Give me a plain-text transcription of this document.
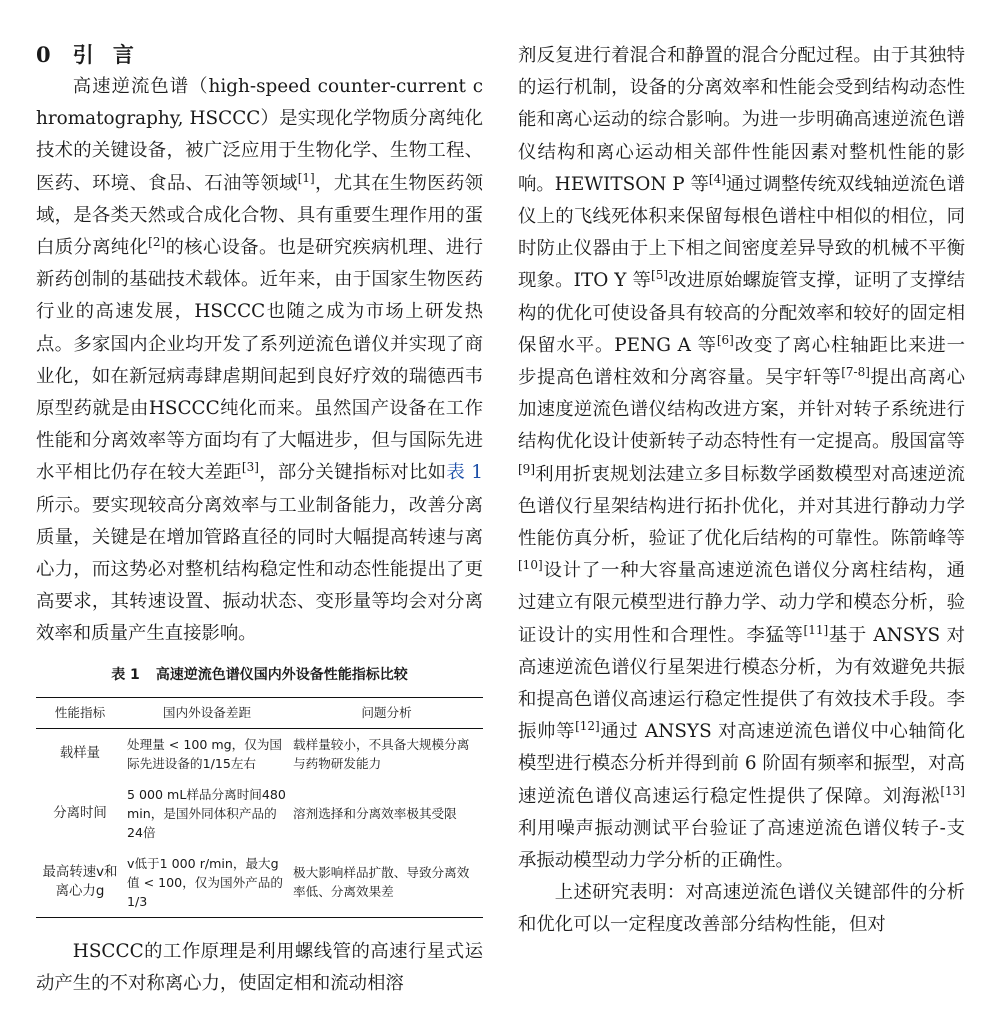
0 引 言

高速逆流色谱（high-speed counter-current chromatography, HSCCC）是实现化学物质分离纯化技术的关键设备，被广泛应用于生物化学、生物工程、医药、环境、食品、石油等领域[1]，尤其在生物医药领域，是各类天然或合成化合物、具有重要生理作用的蛋白质分离纯化[2]的核心设备。也是研究疾病机理、进行新药创制的基础技术载体。近年来，由于国家生物医药行业的高速发展，HSCCC也随之成为市场上研发热点。多家国内企业均开发了系列逆流色谱仪并实现了商业化，如在新冠病毒肆虐期间起到良好疗效的瑞德西韦原型药就是由HSCCC纯化而来。虽然国产设备在工作性能和分离效率等方面均有了大幅进步，但与国际先进水平相比仍存在较大差距[3]，部分关键指标对比如表 1所示。要实现较高分离效率与工业制备能力，改善分离质量，关键是在增加管路直径的同时大幅提高转速与离心力，而这势必对整机结构稳定性和动态性能提出了更高要求，其转速设置、振动状态、变形量等均会对分离效率和质量产生直接影响。

表 1 高速逆流色谱仪国内外设备性能指标比较
性能指标	国内外设备差距	问题分析
载样量	处理量 < 100 mg，仅为国际先进设备的1/15左右	载样量较小，不具备大规模分离与药物研发能力
分离时间	5 000 mL样品分离时间480 min，是国外同体积产品的24倍	溶剂选择和分离效率极其受限
最高转速v和离心力g	v低于1 000 r/min，最大g值 < 100，仅为国外产品的1/3	极大影响样品扩散、导致分离效率低、分离效果差

HSCCC的工作原理是利用螺线管的高速行星式运动产生的不对称离心力，使固定相和流动相溶

剂反复进行着混合和静置的混合分配过程。由于其独特的运行机制，设备的分离效率和性能会受到结构动态性能和离心运动的综合影响。为进一步明确高速逆流色谱仪结构和离心运动相关部件性能因素对整机性能的影响。HEWITSON P 等[4]通过调整传统双线轴逆流色谱仪上的飞线死体积来保留每根色谱柱中相似的相位，同时防止仪器由于上下相之间密度差异导致的机械不平衡现象。ITO Y 等[5]改进原始螺旋管支撑，证明了支撑结构的优化可使设备具有较高的分配效率和较好的固定相保留水平。PENG A 等[6]改变了离心柱轴距比来进一步提高色谱柱效和分离容量。吴宇轩等[7-8]提出高离心加速度逆流色谱仪结构改进方案，并针对转子系统进行结构优化设计使新转子动态特性有一定提高。殷国富等[9]利用折衷规划法建立多目标数学函数模型对高速逆流色谱仪行星架结构进行拓扑优化，并对其进行静动力学性能仿真分析，验证了优化后结构的可靠性。陈箭峰等[10]设计了一种大容量高速逆流色谱仪分离柱结构，通过建立有限元模型进行静力学、动力学和模态分析，验证设计的实用性和合理性。李猛等[11]基于 ANSYS 对高速逆流色谱仪行星架进行模态分析，为有效避免共振和提高色谱仪高速运行稳定性提供了有效技术手段。李振帅等[12]通过 ANSYS 对高速逆流色谱仪中心轴简化模型进行模态分析并得到前 6 阶固有频率和振型，对高速逆流色谱仪高速运行稳定性提供了保障。刘海淞[13]利用噪声振动测试平台验证了高速逆流色谱仪转子-支承振动模型动力学分析的正确性。

上述研究表明：对高速逆流色谱仪关键部件的分析和优化可以一定程度改善部分结构性能，但对
